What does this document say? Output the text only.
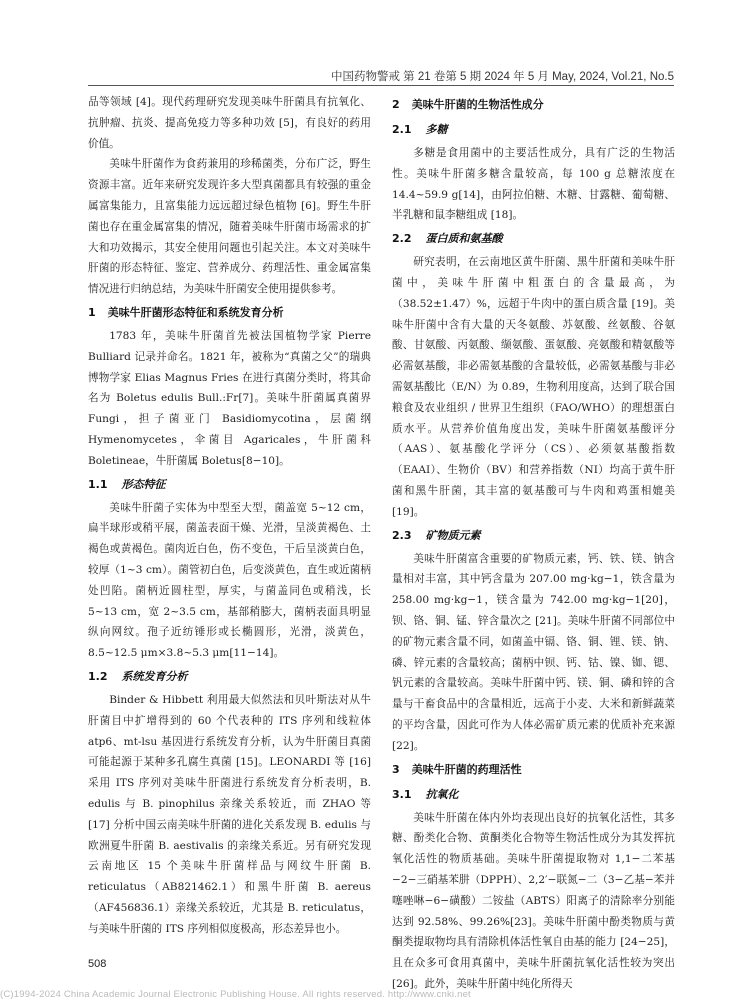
中国药物警戒 第 21 卷第 5 期 2024 年 5 月 May, 2024, Vol.21, No.5

品等领域 [4]。现代药理研究发现美味牛肝菌具有抗氧化、抗肿瘤、抗炎、提高免疫力等多种功效 [5]，有良好的药用价值。

美味牛肝菌作为食药兼用的珍稀菌类，分布广泛，野生资源丰富。近年来研究发现许多大型真菌都具有较强的重金属富集能力，且富集能力远远超过绿色植物 [6]。野生牛肝菌也存在重金属富集的情况，随着美味牛肝菌市场需求的扩大和功效揭示，其安全使用问题也引起关注。本文对美味牛肝菌的形态特征、鉴定、营养成分、药理活性、重金属富集情况进行归纳总结，为美味牛肝菌安全使用提供参考。

1 美味牛肝菌形态特征和系统发育分析

1783 年，美味牛肝菌首先被法国植物学家 Pierre Bulliard 记录并命名。1821 年，被称为“真菌之父”的瑞典博物学家 Elias Magnus Fries 在进行真菌分类时，将其命名为 Boletus edulis Bull.:Fr[7]。美味牛肝菌属真菌界 Fungi，担子菌亚门 Basidiomycotina，层菌纲 Hymenomycetes，伞菌目 Agaricales，牛肝菌科 Boletineae，牛肝菌属 Boletus[8−10]。

1.1 形态特征

美味牛肝菌子实体为中型至大型，菌盖宽 5~12 cm，扁半球形或稍平展，菌盖表面干燥、光滑，呈淡黄褐色、土褐色或黄褐色。菌肉近白色，伤不变色，干后呈淡黄白色，较厚（1~3 cm）。菌管初白色，后变淡黄色，直生或近菌柄处凹陷。菌柄近圆柱型，厚实，与菌盖同色或稍浅，长 5~13 cm，宽 2~3.5 cm，基部稍膨大，菌柄表面具明显纵向网纹。孢子近纺锤形或长椭圆形，光滑，淡黄色，8.5~12.5 μm×3.8~5.3 μm[11−14]。

1.2 系统发育分析

Binder & Hibbett 利用最大似然法和贝叶斯法对从牛肝菌目中扩增得到的 60 个代表种的 ITS 序列和线粒体 atp6、mt-lsu 基因进行系统发育分析，认为牛肝菌目真菌可能起源于某种多孔腐生真菌 [15]。LEONARDI 等 [16] 采用 ITS 序列对美味牛肝菌进行系统发育分析表明，B. edulis 与 B. pinophilus 亲缘关系较近，而 ZHAO 等 [17] 分析中国云南美味牛肝菌的进化关系发现 B. edulis 与欧洲夏牛肝菌 B. aestivalis 的亲缘关系近。另有研究发现云南地区 15 个美味牛肝菌样品与网纹牛肝菌 B. reticulatus（AB821462.1）和黑牛肝菌 B. aereus（AF456836.1）亲缘关系较近，尤其是 B. reticulatus，与美味牛肝菌的 ITS 序列相似度极高，形态差异也小。

2 美味牛肝菌的生物活性成分
2.1 多糖

多糖是食用菌中的主要活性成分，具有广泛的生物活性。美味牛肝菌多糖含量较高，每 100 g 总糖浓度在 14.4~59.9 g[14]，由阿拉伯糖、木糖、甘露糖、葡萄糖、半乳糖和鼠李糖组成 [18]。

2.2 蛋白质和氨基酸

研究表明，在云南地区黄牛肝菌、黑牛肝菌和美味牛肝菌中，美味牛肝菌中粗蛋白的含量最高，为（38.52±1.47）%，远超于牛肉中的蛋白质含量 [19]。美味牛肝菌中含有大量的天冬氨酸、苏氨酸、丝氨酸、谷氨酸、甘氨酸、丙氨酸、缬氨酸、蛋氨酸、亮氨酸和精氨酸等必需氨基酸，非必需氨基酸的含量较低，必需氨基酸与非必需氨基酸比（E/N）为 0.89，生物利用度高，达到了联合国粮食及农业组织 / 世界卫生组织（FAO/WHO）的理想蛋白质水平。从营养价值角度出发，美味牛肝菌氨基酸评分（AAS）、氨基酸化学评分（CS）、必须氨基酸指数（EAAI）、生物价（BV）和营养指数（NI）均高于黄牛肝菌和黑牛肝菌，其丰富的氨基酸可与牛肉和鸡蛋相媲美 [19]。

2.3 矿物质元素

美味牛肝菌富含重要的矿物质元素，钙、铁、镁、钠含量相对丰富，其中钙含量为 207.00 mg·kg−1，铁含量为 258.00 mg·kg−1，镁含量为 742.00 mg·kg−1[20]，钡、铬、铜、锰、锌含量次之 [21]。美味牛肝菌不同部位中的矿物元素含量不同，如菌盖中镉、铬、铜、锂、镁、钠、磷、锌元素的含量较高；菌柄中钡、钙、钴、镍、铷、锶、钒元素的含量较高。美味牛肝菌中钙、镁、铜、磷和锌的含量与干畜食品中的含量相近，远高于小麦、大米和新鲜蔬菜的平均含量，因此可作为人体必需矿质元素的优质补充来源 [22]。

3 美味牛肝菌的药理活性
3.1 抗氧化

美味牛肝菌在体内外均表现出良好的抗氧化活性，其多糖、酚类化合物、黄酮类化合物等生物活性成分为其发挥抗氧化活性的物质基础。美味牛肝菌提取物对 1,1−二苯基−2−三硝基苯肼（DPPH）、2,2′−联氮−二（3−乙基−苯并噻唑啉−6−磺酸）二铵盐（ABTS）阳离子的清除率分别能达到 92.58%、99.26%[23]。美味牛肝菌中酚类物质与黄酮类提取物均具有清除机体活性氧自由基的能力 [24−25]，且在众多可食用真菌中，美味牛肝菌抗氧化活性较为突出 [26]。此外，美味牛肝菌中纯化所得天

508
(C)1994-2024 China Academic Journal Electronic Publishing House. All rights reserved. http://www.cnki.net
